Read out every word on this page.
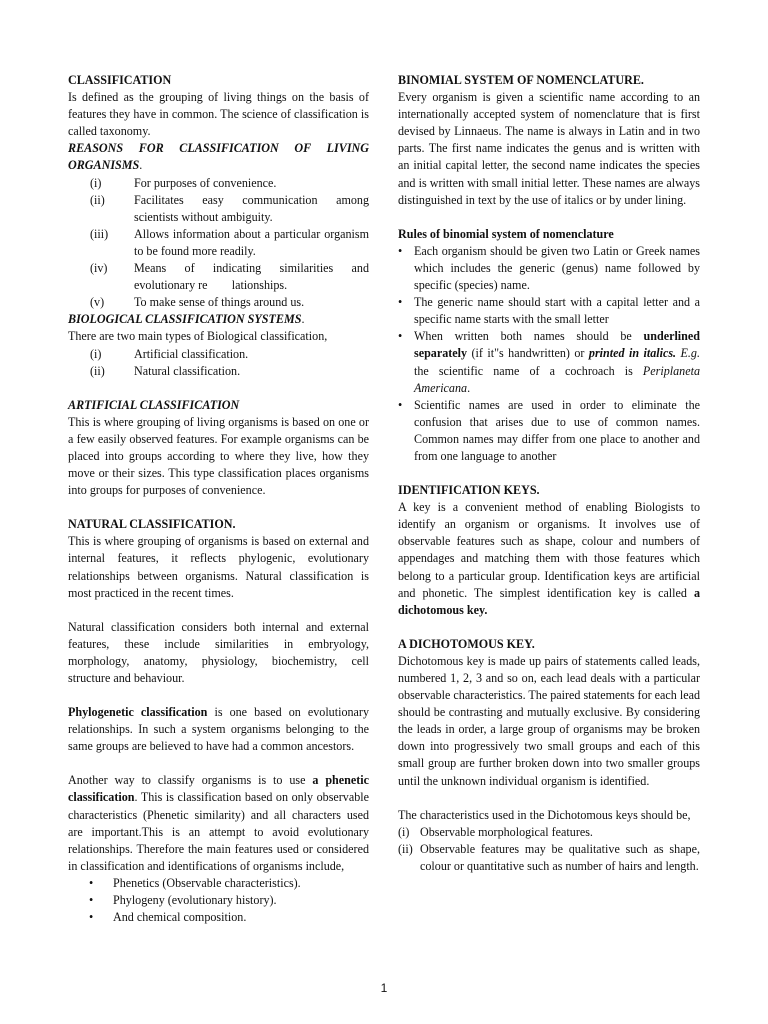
CLASSIFICATION

Is defined as the grouping of living things on the basis of features they have in common. The science of classification is called taxonomy.

REASONS FOR CLASSIFICATION OF LIVING ORGANISMS.

(i)	For purposes of convenience.
(ii)	Facilitates easy communication among scientists without ambiguity.
(iii)	Allows information about a particular organism to be found more readily.
(iv)	Means of indicating similarities and evolutionary re        lationships.
(v)	To make sense of things around us.

BIOLOGICAL CLASSIFICATION SYSTEMS.

There are two main types of Biological classification,

(i)	Artificial classification.
(ii)	Natural classification.

ARTIFICIAL CLASSIFICATION

This is where grouping of living organisms is based on one or a few easily observed features. For example organisms can be placed into groups according to where they live, how they move or their sizes. This type classification places organisms into groups for purposes of convenience.

NATURAL CLASSIFICATION.

This is where grouping of organisms is based on external and internal features, it reflects phylogenic, evolutionary relationships between organisms. Natural classification is most practiced in the recent times.

Natural classification considers both internal and external features, these include similarities in embryology, morphology, anatomy, physiology, biochemistry, cell structure and behaviour.

Phylogenetic classification is one based on evolutionary relationships. In such a system organisms belonging to the same groups are believed to have had a common ancestors.

Another way to classify organisms is to use a phenetic classification. This is classification based on only observable characteristics (Phenetic similarity) and all characters used are important.This is an attempt to avoid evolutionary relationships. Therefore the main features used or considered in classification and identifications of organisms include,

• Phenetics (Observable characteristics).
• Phylogeny (evolutionary history).
• And chemical composition.

BINOMIAL SYSTEM OF NOMENCLATURE.

Every organism is given a scientific name according to an internationally accepted system of nomenclature that is first devised by Linnaeus. The name is always in Latin and in two parts. The first name indicates the genus and is written with an initial capital letter, the second name indicates the species and is written with small initial letter. These names are always distinguished in text by the use of italics or by under lining.

Rules of binomial system of nomenclature

• Each organism should be given two Latin or Greek names which includes the generic (genus) name followed by specific (species) name.
• The generic name should start with a capital letter and a specific name starts with the small letter
• When written both names should be underlined separately (if it"s handwritten) or printed in italics. E.g. the scientific name of a cochroach is Periplaneta Americana.
• Scientific names are used in order to eliminate the confusion that arises due to use of common names. Common names may differ from one place to another and from one language to another

IDENTIFICATION KEYS.

A key is a convenient method of enabling Biologists to identify an organism or organisms. It involves use of observable features such as shape, colour and numbers of appendages and matching them with those features which belong to a particular group. Identification keys are artificial and phonetic. The simplest identification key is called a dichotomous key.

A DICHOTOMOUS KEY.

Dichotomous key is made up pairs of statements called leads, numbered 1, 2, 3 and so on, each lead deals with a particular observable characteristics. The paired statements for each lead should be contrasting and mutually exclusive. By considering the leads in order, a large group of organisms may be broken down into progressively two small groups and each of this small group are further broken down into two smaller groups until the unknown individual organism is identified.

The characteristics used in the Dichotomous keys should be,

(i) Observable morphological features.
(ii) Observable features may be qualitative such as shape, colour or quantitative such as number of hairs and length.
1
